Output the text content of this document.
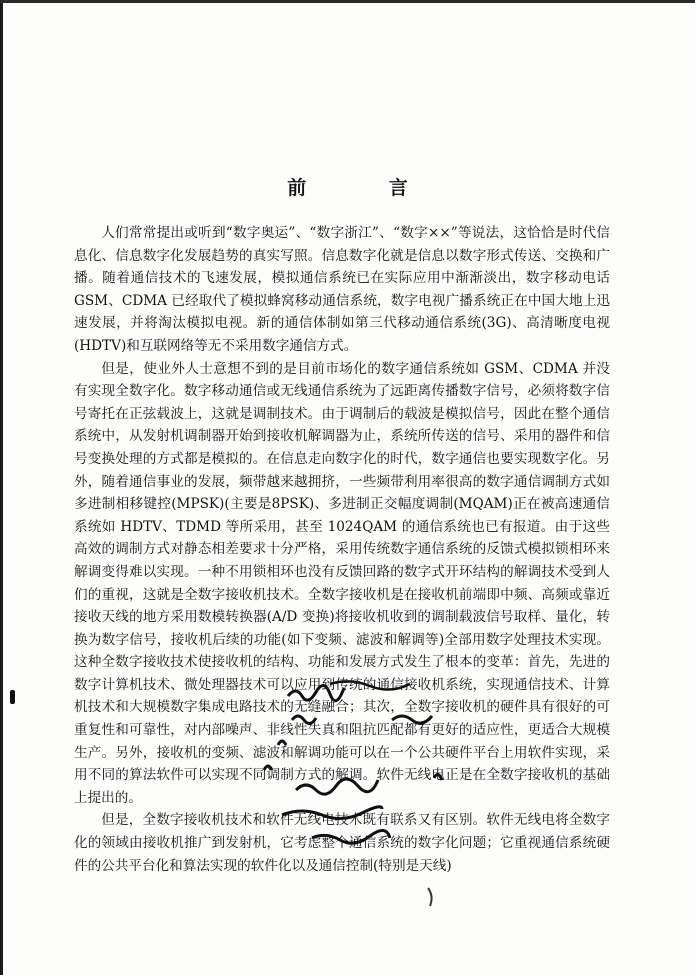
前 言

人们常常提出或听到“数字奥运”、“数字浙江”、“数字××”等说法，这恰恰是时代信息化、信息数字化发展趋势的真实写照。信息数字化就是信息以数字形式传送、交换和广播。随着通信技术的飞速发展，模拟通信系统已在实际应用中渐渐淡出，数字移动电话 GSM、CDMA 已经取代了模拟蜂窝移动通信系统，数字电视广播系统正在中国大地上迅速发展，并将淘汰模拟电视。新的通信体制如第三代移动通信系统(3G)、高清晰度电视(HDTV)和互联网络等无不采用数字通信方式。

但是，使业外人士意想不到的是目前市场化的数字通信系统如 GSM、CDMA 并没有实现全数字化。数字移动通信或无线通信系统为了远距离传播数字信号，必须将数字信号寄托在正弦载波上，这就是调制技术。由于调制后的载波是模拟信号，因此在整个通信系统中，从发射机调制器开始到接收机解调器为止，系统所传送的信号、采用的器件和信号变换处理的方式都是模拟的。在信息走向数字化的时代，数字通信也要实现数字化。另外，随着通信事业的发展，频带越来越拥挤，一些频带利用率很高的数字通信调制方式如多进制相移键控(MPSK)(主要是8PSK)、多进制正交幅度调制(MQAM)正在被高速通信系统如 HDTV、TDMD 等所采用，甚至 1024QAM 的通信系统也已有报道。由于这些高效的调制方式对静态相差要求十分严格，采用传统数字通信系统的反馈式模拟锁相环来解调变得难以实现。一种不用锁相环也没有反馈回路的数字式开环结构的解调技术受到人们的重视，这就是全数字接收机技术。全数字接收机是在接收机前端即中频、高频或靠近接收天线的地方采用数模转换器(A/D 变换)将接收机收到的调制载波信号取样、量化，转换为数字信号，接收机后续的功能(如下变频、滤波和解调等)全部用数字处理技术实现。这种全数字接收技术使接收机的结构、功能和发展方式发生了根本的变革：首先，先进的数字计算机技术、微处理器技术可以应用到传统的通信接收机系统，实现通信技术、计算机技术和大规模数字集成电路技术的无缝融合；其次，全数字接收机的硬件具有很好的可重复性和可靠性，对内部噪声、非线性失真和阻抗匹配都有更好的适应性，更适合大规模生产。另外，接收机的变频、滤波和解调功能可以在一个公共硬件平台上用软件实现，采用不同的算法软件可以实现不同调制方式的解调。软件无线电正是在全数字接收机的基础上提出的。

但是，全数字接收机技术和软件无线电技术既有联系又有区别。软件无线电将全数字化的领域由接收机推广到发射机，它考虑整个通信系统的数字化问题；它重视通信系统硬件的公共平台化和算法实现的软件化以及通信控制(特别是天线)
